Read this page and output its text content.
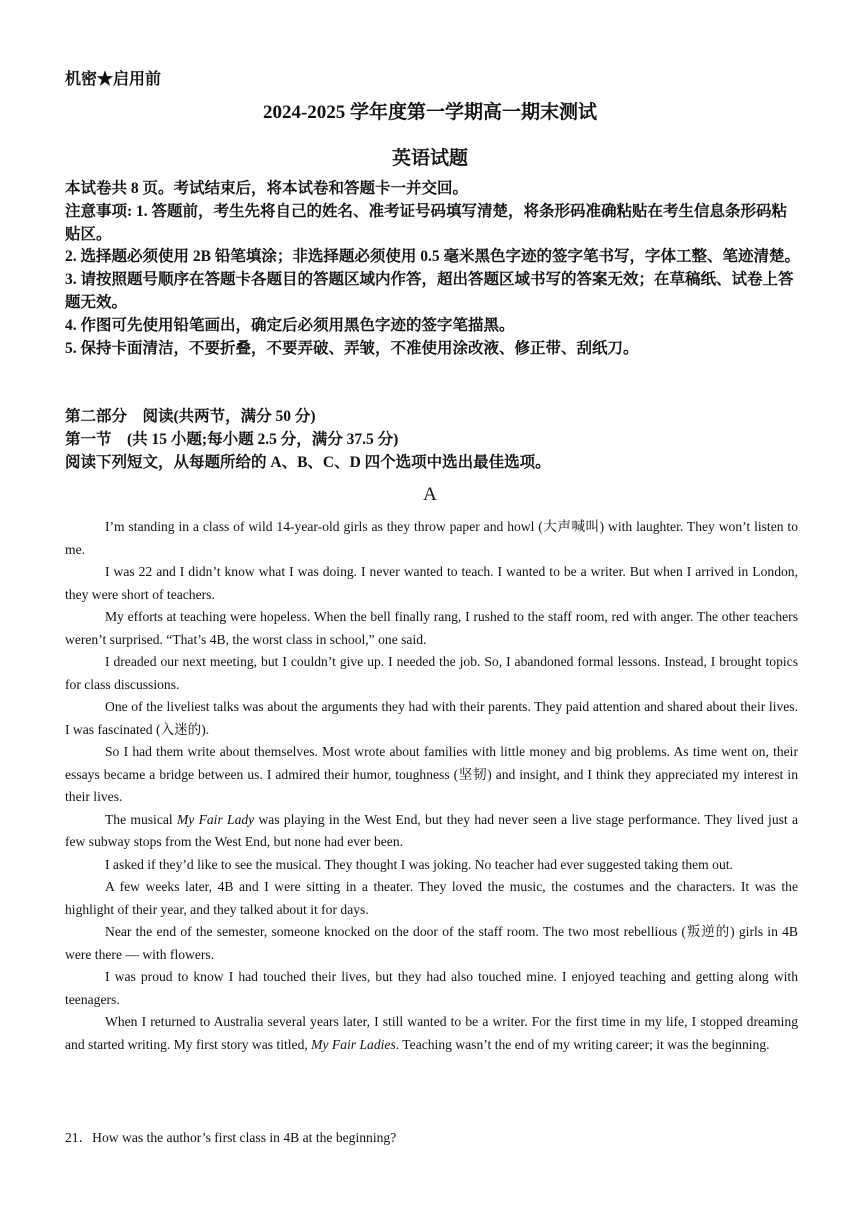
机密★启用前
2024-2025 学年度第一学期高一期末测试
英语试题

本试卷共 8 页。考试结束后，将本试卷和答题卡一并交回。

注意事项: 1. 答题前，考生先将自己的姓名、准考证号码填写清楚，将条形码准确粘贴在考生信息条形码粘贴区。

2. 选择题必须使用 2B 铅笔填涂；非选择题必须使用 0.5 毫米黑色字迹的签字笔书写，字体工整、笔迹清楚。

3. 请按照题号顺序在答题卡各题目的答题区域内作答，超出答题区域书写的答案无效；在草稿纸、试卷上答题无效。

4. 作图可先使用铅笔画出，确定后必须用黑色字迹的签字笔描黑。

5. 保持卡面清洁，不要折叠，不要弄破、弄皱，不准使用涂改液、修正带、刮纸刀。

第二部分　阅读(共两节，满分 50 分)

第一节　(共 15 小题;每小题 2.5 分，满分 37.5 分)

阅读下列短文，从每题所给的 A、B、C、D 四个选项中选出最佳选项。

A

I’m standing in a class of wild 14-year-old girls as they throw paper and howl (大声喊叫) with laughter. They won’t listen to me.

I was 22 and I didn’t know what I was doing. I never wanted to teach. I wanted to be a writer. But when I arrived in London, they were short of teachers.

My efforts at teaching were hopeless. When the bell finally rang, I rushed to the staff room, red with anger. The other teachers weren’t surprised. “That’s 4B, the worst class in school,” one said.

I dreaded our next meeting, but I couldn’t give up. I needed the job. So, I abandoned formal lessons. Instead, I brought topics for class discussions.

One of the liveliest talks was about the arguments they had with their parents. They paid attention and shared about their lives. I was fascinated (入迷的).

So I had them write about themselves. Most wrote about families with little money and big problems. As time went on, their essays became a bridge between us. I admired their humor, toughness (坚韧) and insight, and I think they appreciated my interest in their lives.

The musical My Fair Lady was playing in the West End, but they had never seen a live stage performance. They lived just a few subway stops from the West End, but none had ever been.

I asked if they’d like to see the musical. They thought I was joking. No teacher had ever suggested taking them out.

A few weeks later, 4B and I were sitting in a theater. They loved the music, the costumes and the characters. It was the highlight of their year, and they talked about it for days.

Near the end of the semester, someone knocked on the door of the staff room. The two most rebellious (叛逆的) girls in 4B were there — with flowers.

I was proud to know I had touched their lives, but they had also touched mine. I enjoyed teaching and getting along with teenagers.

When I returned to Australia several years later, I still wanted to be a writer. For the first time in my life, I stopped dreaming and started writing. My first story was titled, My Fair Ladies. Teaching wasn’t the end of my writing career; it was the beginning.

21．How was the author’s first class in 4B at the beginning?
